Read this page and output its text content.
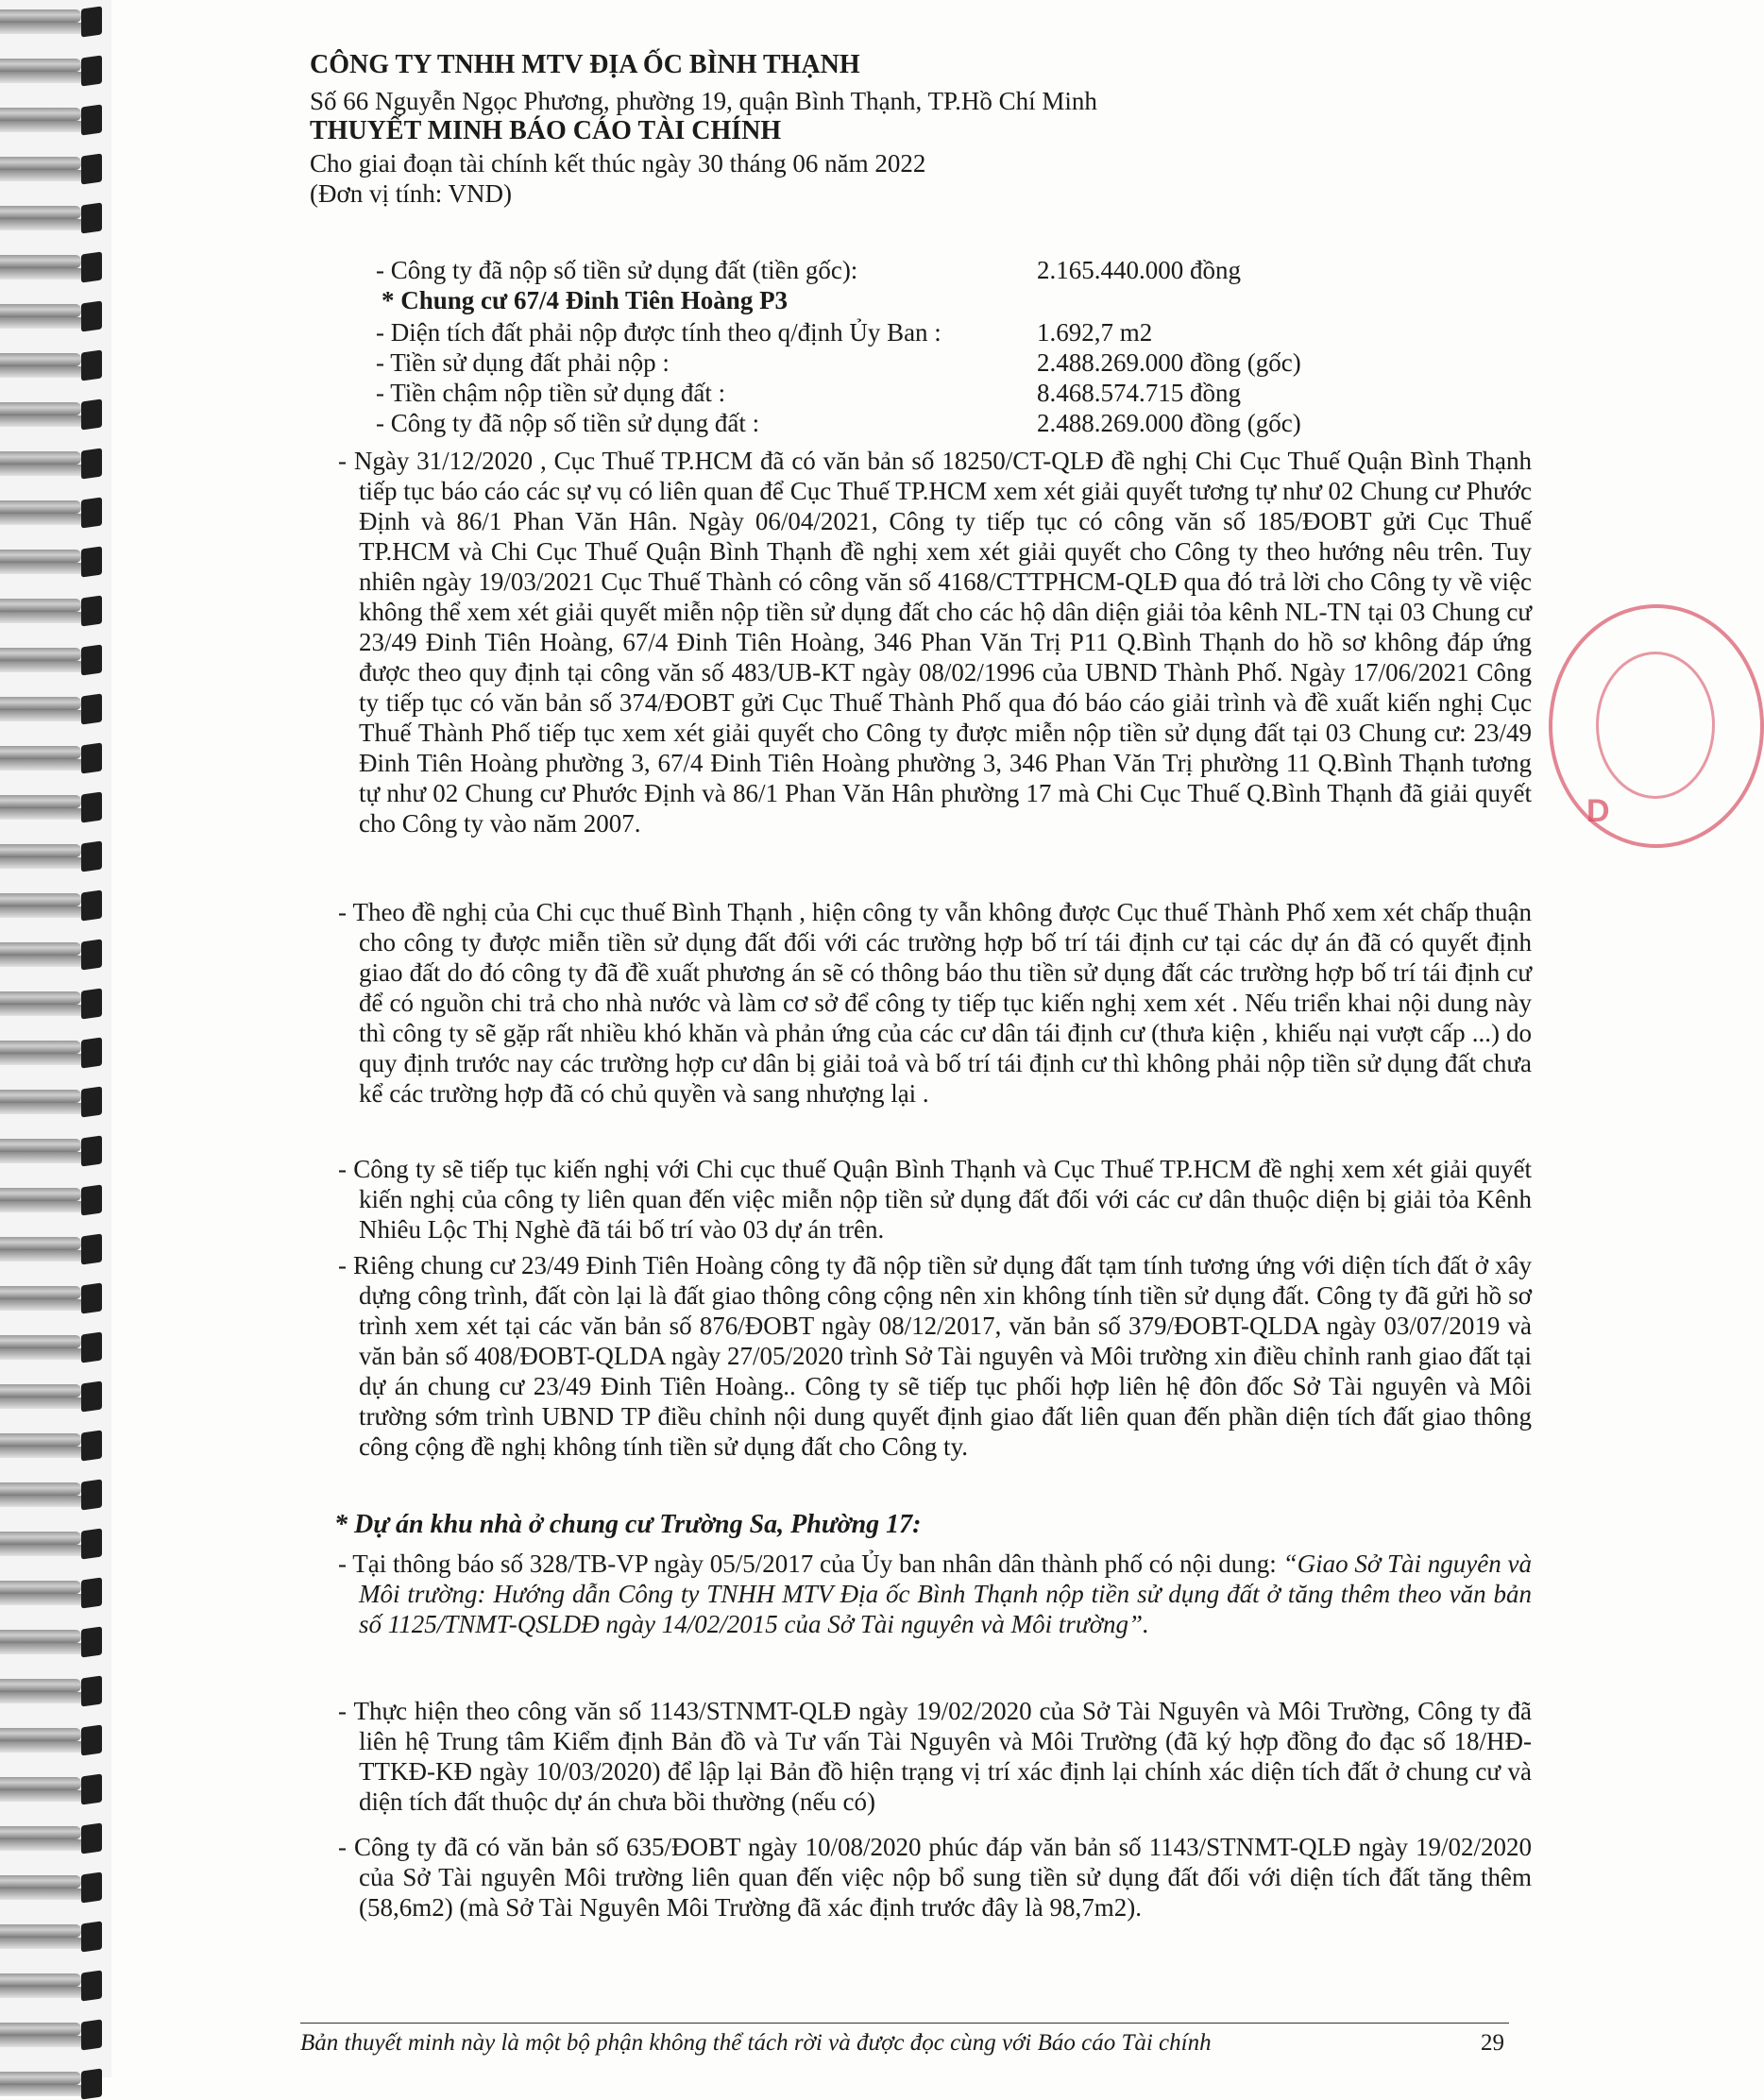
CÔNG TY TNHH MTV ĐỊA ỐC BÌNH THẠNH
Số 66 Nguyễn Ngọc Phương, phường 19, quận Bình Thạnh, TP.Hồ Chí Minh
THUYẾT MINH BÁO CÁO TÀI CHÍNH
Cho giai đoạn tài chính kết thúc ngày 30 tháng 06 năm 2022
(Đơn vị tính: VND)
- Công ty đã nộp số tiền sử dụng đất (tiền gốc):	2.165.440.000 đồng
* Chung cư 67/4 Đinh Tiên Hoàng P3
- Diện tích đất phải nộp được tính theo q/định Ủy Ban :	1.692,7 m2
- Tiền sử dụng đất phải nộp :	2.488.269.000 đồng (gốc)
- Tiền chậm nộp tiền sử dụng đất :	8.468.574.715 đồng
- Công ty đã nộp số tiền sử dụng đất :	2.488.269.000 đồng (gốc)
- Ngày 31/12/2020 , Cục Thuế TP.HCM đã có văn bản số 18250/CT-QLĐ đề nghị Chi Cục Thuế Quận Bình Thạnh tiếp tục báo cáo các sự vụ có liên quan để Cục Thuế TP.HCM xem xét giải quyết tương tự như 02 Chung cư Phước Định và 86/1 Phan Văn Hân. Ngày 06/04/2021, Công ty tiếp tục có công văn số 185/ĐOBT gửi Cục Thuế TP.HCM và Chi Cục Thuế Quận Bình Thạnh đề nghị xem xét giải quyết cho Công ty theo hướng nêu trên. Tuy nhiên ngày 19/03/2021 Cục Thuế Thành có công văn số 4168/CTTPHCM-QLĐ qua đó trả lời cho Công ty về việc không thể xem xét giải quyết miễn nộp tiền sử dụng đất cho các hộ dân diện giải tỏa kênh NL-TN tại 03 Chung cư 23/49 Đinh Tiên Hoàng, 67/4 Đinh Tiên Hoàng, 346 Phan Văn Trị P11 Q.Bình Thạnh do hồ sơ không đáp ứng được theo quy định tại công văn số 483/UB-KT ngày 08/02/1996 của UBND Thành Phố. Ngày 17/06/2021 Công ty tiếp tục có văn bản số 374/ĐOBT gửi Cục Thuế Thành Phố qua đó báo cáo giải trình và đề xuất kiến nghị Cục Thuế Thành Phố tiếp tục xem xét giải quyết cho Công ty được miễn nộp tiền sử dụng đất tại 03 Chung cư: 23/49 Đinh Tiên Hoàng phường 3, 67/4 Đinh Tiên Hoàng phường 3, 346 Phan Văn Trị phường 11 Q.Bình Thạnh tương tự như 02 Chung cư Phước Định và 86/1 Phan Văn Hân phường 17 mà Chi Cục Thuế Q.Bình Thạnh đã giải quyết cho Công ty vào năm 2007.
- Theo đề nghị của Chi cục thuế Bình Thạnh , hiện công ty vẫn không được Cục thuế Thành Phố xem xét chấp thuận cho công ty được miễn tiền sử dụng đất đối với các trường hợp bố trí tái định cư tại các dự án đã có quyết định giao đất do đó công ty đã đề xuất phương án sẽ có thông báo thu tiền sử dụng đất các trường hợp bố trí tái định cư để có nguồn chi trả cho nhà nước và làm cơ sở để công ty tiếp tục kiến nghị xem xét . Nếu triển khai nội dung này thì công ty sẽ gặp rất nhiều khó khăn và phản ứng của các cư dân tái định cư (thưa kiện , khiếu nại vượt cấp ...) do quy định trước nay các trường hợp cư dân bị giải toả và bố trí tái định cư thì không phải nộp tiền sử dụng đất chưa kể các trường hợp đã có chủ quyền và sang nhượng lại .
- Công ty sẽ tiếp tục kiến nghị với Chi cục thuế Quận Bình Thạnh và Cục Thuế TP.HCM đề nghị xem xét giải quyết kiến nghị của công ty liên quan đến việc miễn nộp tiền sử dụng đất đối với các cư dân thuộc diện bị giải tỏa Kênh Nhiêu Lộc Thị Nghè đã tái bố trí vào 03 dự án trên.
- Riêng chung cư 23/49 Đinh Tiên Hoàng công ty đã nộp tiền sử dụng đất tạm tính tương ứng với diện tích đất ở xây dựng công trình, đất còn lại là đất giao thông công cộng nên xin không tính tiền sử dụng đất. Công ty đã gửi hồ sơ trình xem xét tại các văn bản số 876/ĐOBT ngày 08/12/2017, văn bản số 379/ĐOBT-QLDA ngày 03/07/2019 và văn bản số 408/ĐOBT-QLDA ngày 27/05/2020 trình Sở Tài nguyên và Môi trường xin điều chỉnh ranh giao đất tại dự án chung cư 23/49 Đinh Tiên Hoàng.. Công ty sẽ tiếp tục phối hợp liên hệ đôn đốc Sở Tài nguyên và Môi trường sớm trình UBND TP điều chỉnh nội dung quyết định giao đất liên quan đến phần diện tích đất giao thông công cộng đề nghị không tính tiền sử dụng đất cho Công ty.
* Dự án khu nhà ở chung cư Trường Sa, Phường 17:
- Tại thông báo số 328/TB-VP ngày 05/5/2017 của Ủy ban nhân dân thành phố có nội dung: “Giao Sở Tài nguyên và Môi trường: Hướng dẫn Công ty TNHH MTV Địa ốc Bình Thạnh nộp tiền sử dụng đất ở tăng thêm theo văn bản số 1125/TNMT-QSLDĐ ngày 14/02/2015 của Sở Tài nguyên và Môi trường”.
- Thực hiện theo công văn số 1143/STNMT-QLĐ ngày 19/02/2020 của Sở Tài Nguyên và Môi Trường, Công ty đã liên hệ Trung tâm Kiểm định Bản đồ và Tư vấn Tài Nguyên và Môi Trường (đã ký hợp đồng đo đạc số 18/HĐ-TTKĐ-KĐ ngày 10/03/2020) để lập lại Bản đồ hiện trạng vị trí xác định lại chính xác diện tích đất ở chung cư và diện tích đất thuộc dự án chưa bồi thường (nếu có)
- Công ty đã có văn bản số 635/ĐOBT ngày 10/08/2020 phúc đáp văn bản số 1143/STNMT-QLĐ ngày 19/02/2020 của Sở Tài nguyên Môi trường liên quan đến việc nộp bổ sung tiền sử dụng đất đối với diện tích đất tăng thêm (58,6m2) (mà Sở Tài Nguyên Môi Trường đã xác định trước đây là 98,7m2).
Bản thuyết minh này là một bộ phận không thể tách rời và được đọc cùng với Báo cáo Tài chính	29
D
